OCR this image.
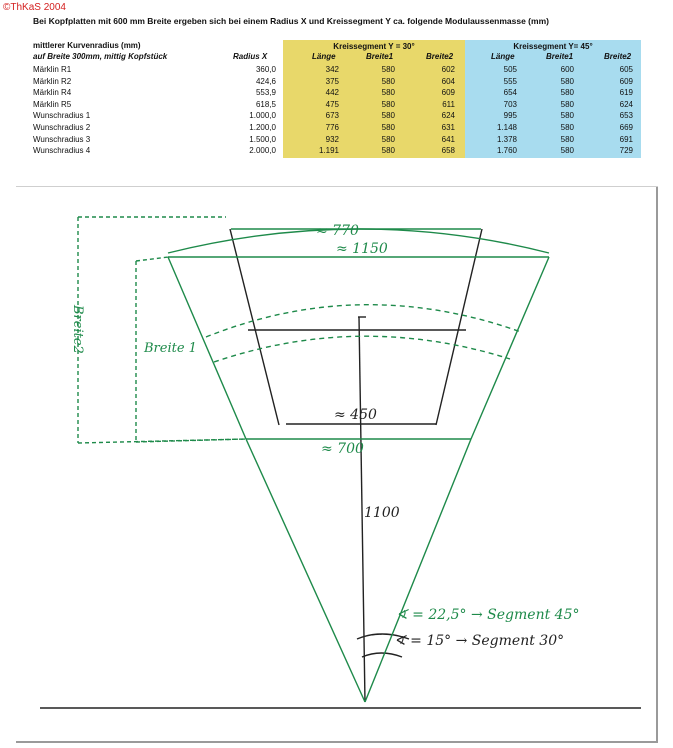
©ThKaS 2004
Bei Kopfplatten mit 600 mm Breite ergeben sich bei einem Radius X und Kreissegment Y ca. folgende Modulaussenmasse (mm)
mittlerer Kurvenradius (mm)
auf Breite 300mm, mittig Kopfstück	Radius X
Kreissegment Y = 30°	Kreissegment Y= 45°
Länge	Breite1	Breite2	Länge	Breite1	Breite2
Märklin R1	360,0	342	580	602	505	600	605
Märklin R2	424,6	375	580	604	555	580	609
Märklin R4	553,9	442	580	609	654	580	619
Märklin R5	618,5	475	580	611	703	580	624
Wunschradius 1	1.000,0	673	580	624	995	580	653
Wunschradius 2	1.200,0	776	580	631	1.148	580	669
Wunschradius 3	1.500,0	932	580	641	1.378	580	691
Wunschradius 4	2.000,0	1.191	580	658	1.760	580	729
≈ 770
≈ 1150
≈ 450
≈ 700
1100
Breite2	Breite 1
∢ = 22,5° → Segment 45°
∢ = 15° → Segment 30°
